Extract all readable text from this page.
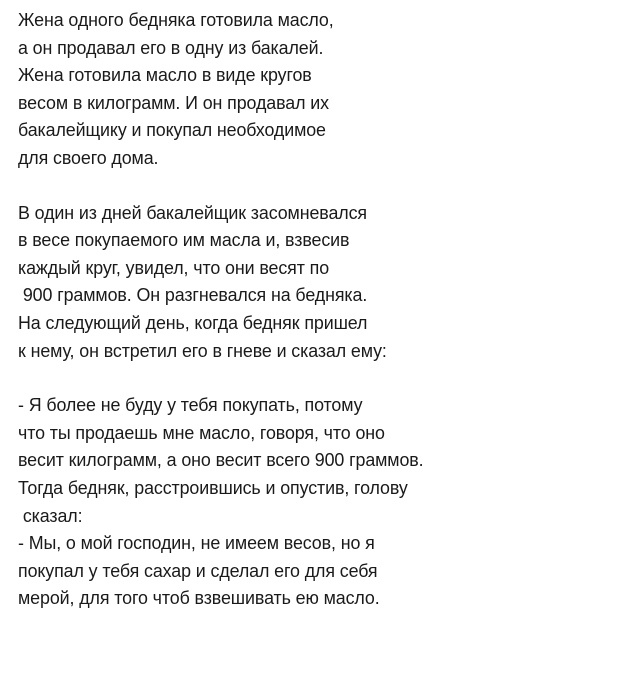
Жена одного бедняка готовила масло,
а он продавал его в одну из бакалей.
Жена готовила масло в виде кругов
весом в килограмм. И он продавал их
бакалейщику и покупал необходимое
для своего дома.
В один из дней бакалейщик засомневался
в весе покупаемого им масла и, взвесив
каждый круг, увидел, что они весят по
900 граммов. Он разгневался на бедняка.
На следующий день, когда бедняк пришел
к нему, он встретил его в гневе и сказал ему:
- Я более не буду у тебя покупать, потому
что ты продаешь мне масло, говоря, что оно
весит килограмм, а оно весит всего 900 граммов.
Тогда бедняк, расстроившись и опустив, голову
сказал:
- Мы, о мой господин, не имеем весов, но я
покупал у тебя сахар и сделал его для себя
мерой, для того чтоб взвешивать ею масло.
